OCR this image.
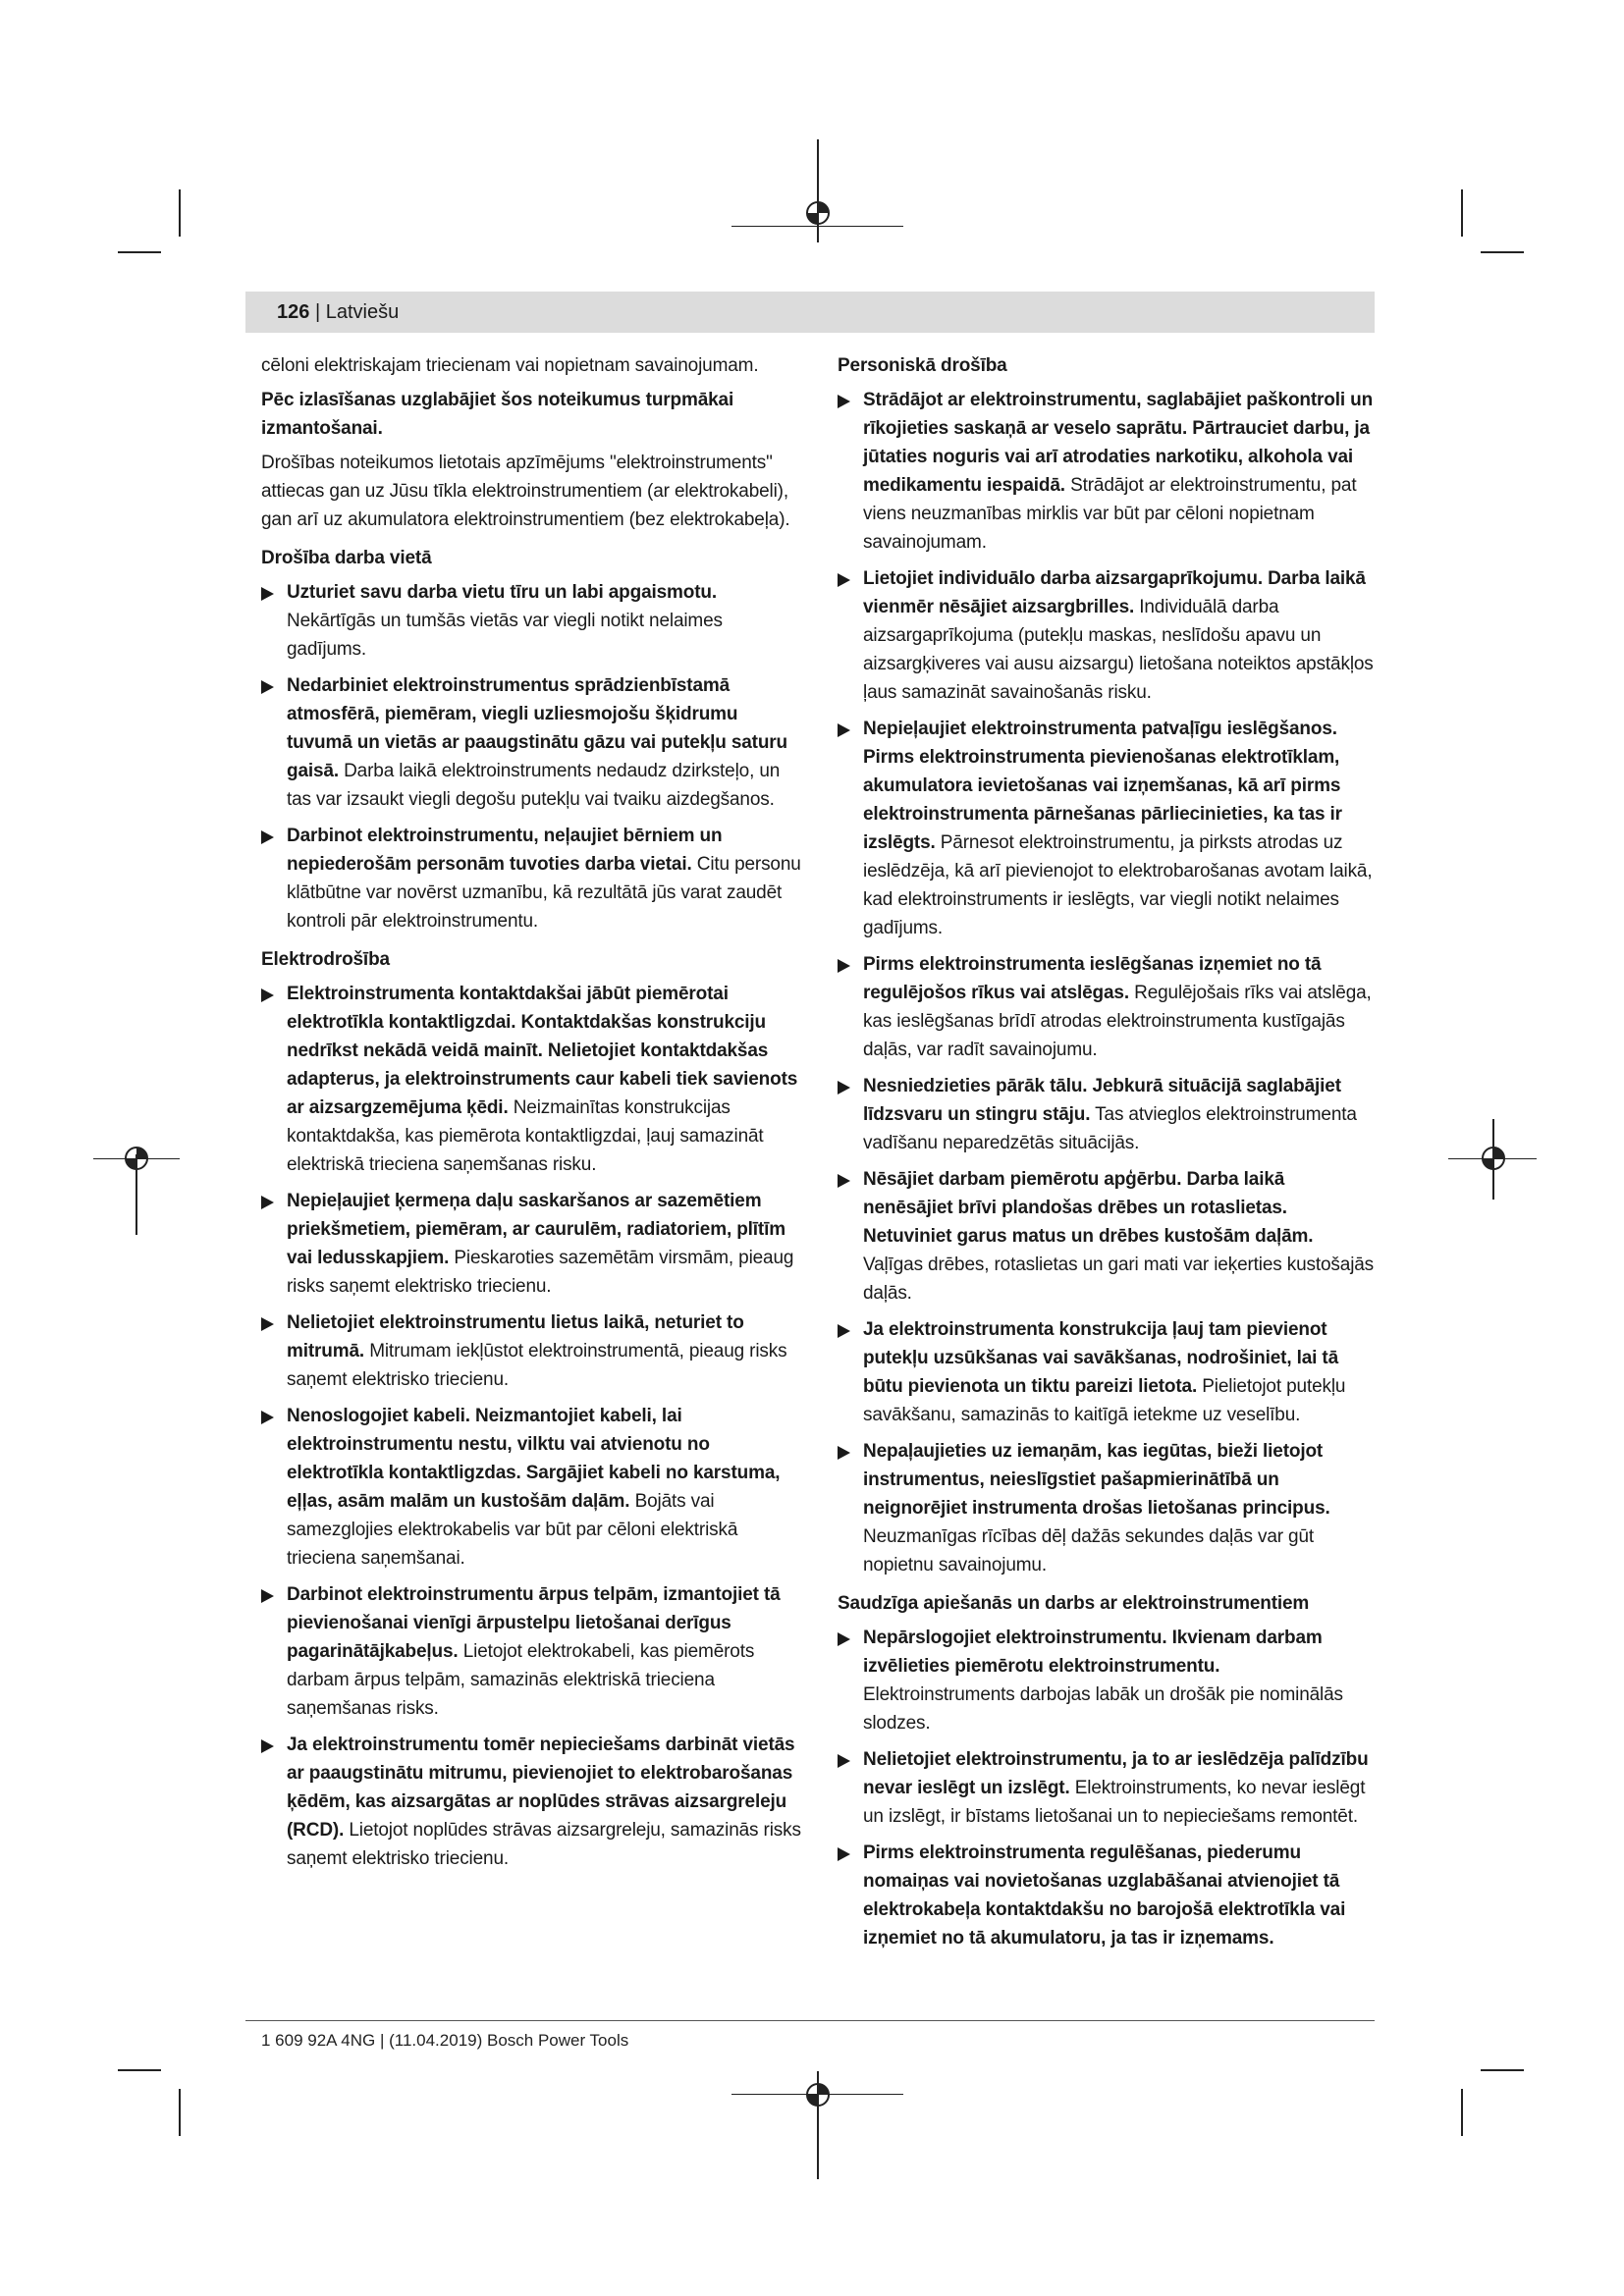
126 | Latviešu

cēloni elektriskajam triecienam vai nopietnam savainojumam.

Pēc izlasīšanas uzglabājiet šos noteikumus turpmākai izmantošanai.

Drošības noteikumos lietotais apzīmējums "elektroinstruments" attiecas gan uz Jūsu tīkla elektroinstrumentiem (ar elektrokabeli), gan arī uz akumulatora elektroinstrumentiem (bez elektrokabeļa).

Drošība darba vietā
Uzturiet savu darba vietu tīru un labi apgaismotu. Nekārtīgās un tumšās vietās var viegli notikt nelaimes gadījums.
Nedarbiniet elektroinstrumentus sprādzienbīstamā atmosfērā, piemēram, viegli uzliesmojošu šķidrumu tuvumā un vietās ar paaugstinātu gāzu vai putekļu saturu gaisā. Darba laikā elektroinstruments nedaudz dzirksteļo, un tas var izsaukt viegli degošu putekļu vai tvaiku aizdegšanos.
Darbinot elektroinstrumentu, neļaujiet bērniem un nepiederošām personām tuvoties darba vietai. Citu personu klātbūtne var novērst uzmanību, kā rezultātā jūs varat zaudēt kontroli pār elektroinstrumentu.
Elektrodrošība
Elektroinstrumenta kontaktdakšai jābūt piemērotai elektrotīkla kontaktligzdai. Kontaktdakšas konstrukciju nedrīkst nekādā veidā mainīt. Nelietojiet kontaktdakšas adapterus, ja elektroinstruments caur kabeli tiek savienots ar aizsargzemējuma ķēdi. Neizmainītas konstrukcijas kontaktdakša, kas piemērota kontaktligzdai, ļauj samazināt elektriskā trieciena saņemšanas risku.
Nepieļaujiet ķermeņa daļu saskaršanos ar sazemētiem priekšmetiem, piemēram, ar caurulēm, radiatoriem, plītīm vai ledusskapjiem. Pieskaroties sazemētām virsmām, pieaug risks saņemt elektrisko triecienu.
Nelietojiet elektroinstrumentu lietus laikā, neturiet to mitrumā. Mitrumam iekļūstot elektroinstrumentā, pieaug risks saņemt elektrisko triecienu.
Nenoslogojiet kabeli. Neizmantojiet kabeli, lai elektroinstrumentu nestu, vilktu vai atvienotu no elektrotīkla kontaktligzdas. Sargājiet kabeli no karstuma, eļļas, asām malām un kustošām daļām. Bojāts vai samezglojies elektrokabelis var būt par cēloni elektriskā trieciena saņemšanai.
Darbinot elektroinstrumentu ārpus telpām, izmantojiet tā pievienošanai vienīgi ārpustelpu lietošanai derīgus pagarinātājkabeļus. Lietojot elektrokabeli, kas piemērots darbam ārpus telpām, samazinās elektriskā trieciena saņemšanas risks.
Ja elektroinstrumentu tomēr nepieciešams darbināt vietās ar paaugstinātu mitrumu, pievienojiet to elektrobarošanas ķēdēm, kas aizsargātas ar noplūdes strāvas aizsargreleju (RCD). Lietojot noplūdes strāvas aizsargreleju, samazinās risks saņemt elektrisko triecienu.
Personiskā drošība
Strādājot ar elektroinstrumentu, saglabājiet paškontroli un rīkojieties saskaņā ar veselo saprātu. Pārtrauciet darbu, ja jūtaties noguris vai arī atrodaties narkotiku, alkohola vai medikamentu iespaidā. Strādājot ar elektroinstrumentu, pat viens neuzmanības mirklis var būt par cēloni nopietnam savainojumam.
Lietojiet individuālo darba aizsargaprīkojumu. Darba laikā vienmēr nēsājiet aizsargbrilles. Individuālā darba aizsargaprīkojuma (putekļu maskas, neslīdošu apavu un aizsargķiveres vai ausu aizsargu) lietošana noteiktos apstākļos ļaus samazināt savainošanās risku.
Nepieļaujiet elektroinstrumenta patvaļīgu ieslēgšanos. Pirms elektroinstrumenta pievienošanas elektrotīklam, akumulatora ievietošanas vai izņemšanas, kā arī pirms elektroinstrumenta pārnešanas pārliecinieties, ka tas ir izslēgts. Pārnesot elektroinstrumentu, ja pirksts atrodas uz ieslēdzēja, kā arī pievienojot to elektrobarošanas avotam laikā, kad elektroinstruments ir ieslēgts, var viegli notikt nelaimes gadījums.
Pirms elektroinstrumenta ieslēgšanas izņemiet no tā regulējošos rīkus vai atslēgas. Regulējošais rīks vai atslēga, kas ieslēgšanas brīdī atrodas elektroinstrumenta kustīgajās daļās, var radīt savainojumu.
Nesniedzieties pārāk tālu. Jebkurā situācijā saglabājiet līdzsvaru un stingru stāju. Tas atvieglos elektroinstrumenta vadīšanu neparedzētās situācijās.
Nēsājiet darbam piemērotu apģērbu. Darba laikā nenēsājiet brīvi plandošas drēbes un rotaslietas. Netuviniet garus matus un drēbes kustošām daļām. Vaļīgas drēbes, rotaslietas un gari mati var ieķerties kustošajās daļās.
Ja elektroinstrumenta konstrukcija ļauj tam pievienot putekļu uzsūkšanas vai savākšanas, nodrošiniet, lai tā būtu pievienota un tiktu pareizi lietota. Pielietojot putekļu savākšanu, samazinās to kaitīgā ietekme uz veselību.
Nepaļaujieties uz iemaņām, kas iegūtas, bieži lietojot instrumentus, neieslīgstiet pašapmierinātībā un neignorējiet instrumenta drošas lietošanas principus. Neuzmanīgas rīcības dēļ dažās sekundes daļās var gūt nopietnu savainojumu.
Saudzīga apiešanās un darbs ar elektroinstrumentiem
Nepārslogojiet elektroinstrumentu. Ikvienam darbam izvēlieties piemērotu elektroinstrumentu. Elektroinstruments darbojas labāk un drošāk pie nominālās slodzes.
Nelietojiet elektroinstrumentu, ja to ar ieslēdzēja palīdzību nevar ieslēgt un izslēgt. Elektroinstruments, ko nevar ieslēgt un izslēgt, ir bīstams lietošanai un to nepieciešams remontēt.
Pirms elektroinstrumenta regulēšanas, piederumu nomaiņas vai novietošanas uzglabāšanai atvienojiet tā elektrokabeļa kontaktdakšu no barojošā elektrotīkla vai izņemiet no tā akumulatoru, ja tas ir izņemams.
1 609 92A 4NG | (11.04.2019) Bosch Power Tools
